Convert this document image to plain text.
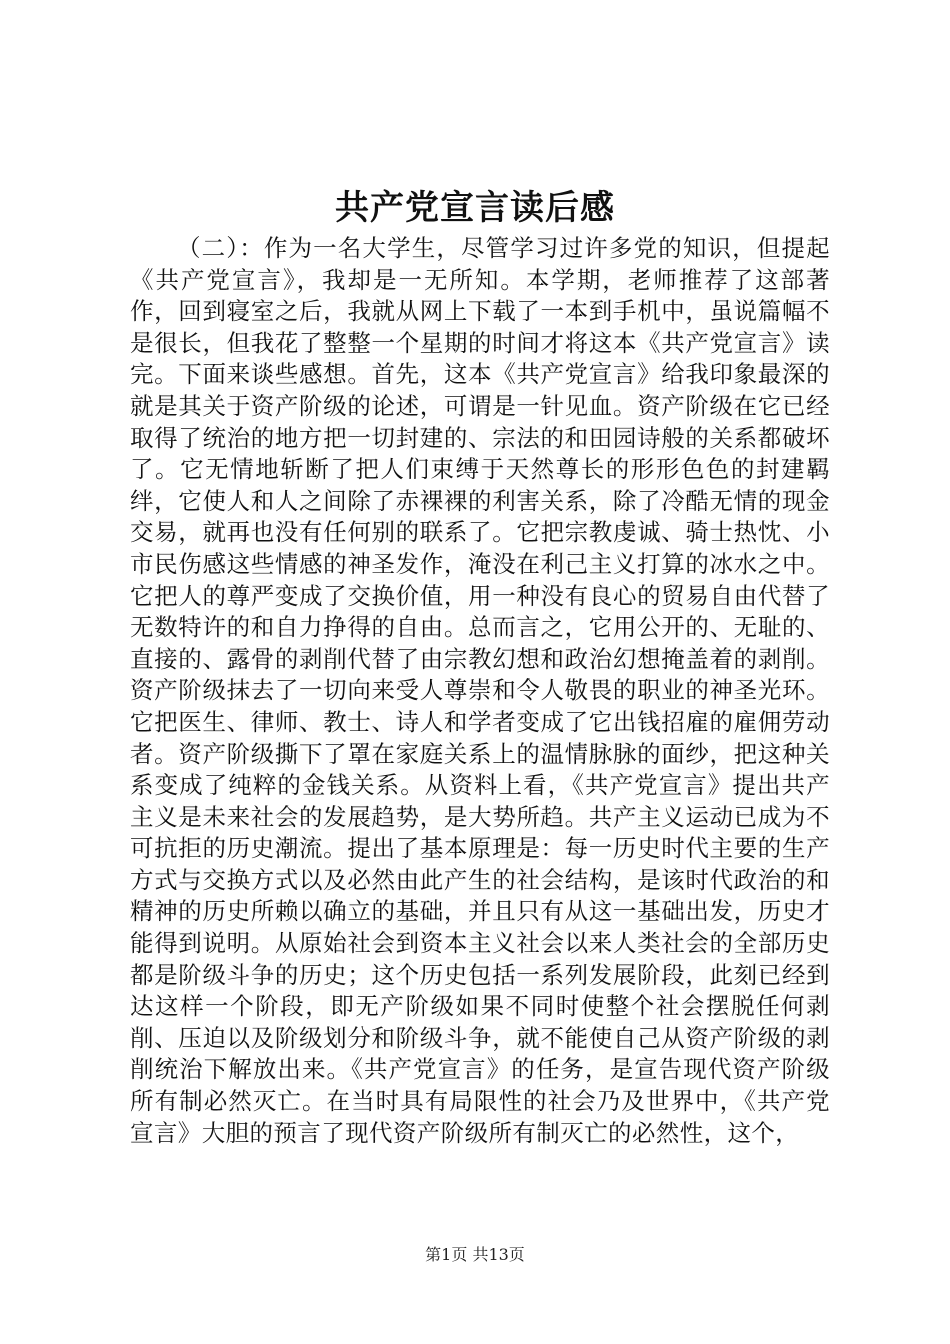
共产党宣言读后感

（二）：作为一名大学生，尽管学习过许多党的知识，但提起《共产党宣言》，我却是一无所知。本学期，老师推荐了这部著作，回到寝室之后，我就从网上下载了一本到手机中，虽说篇幅不是很长，但我花了整整一个星期的时间才将这本《共产党宣言》读完。下面来谈些感想。首先，这本《共产党宣言》给我印象最深的就是其关于资产阶级的论述，可谓是一针见血。资产阶级在它已经取得了统治的地方把一切封建的、宗法的和田园诗般的关系都破坏了。它无情地斩断了把人们束缚于天然尊长的形形色色的封建羁绊，它使人和人之间除了赤裸裸的利害关系，除了冷酷无情的现金交易，就再也没有任何别的联系了。它把宗教虔诚、骑士热忱、小市民伤感这些情感的神圣发作，淹没在利己主义打算的冰水之中。它把人的尊严变成了交换价值，用一种没有良心的贸易自由代替了无数特许的和自力挣得的自由。总而言之，它用公开的、无耻的、直接的、露骨的剥削代替了由宗教幻想和政治幻想掩盖着的剥削。资产阶级抹去了一切向来受人尊崇和令人敬畏的职业的神圣光环。它把医生、律师、教士、诗人和学者变成了它出钱招雇的雇佣劳动者。资产阶级撕下了罩在家庭关系上的温情脉脉的面纱，把这种关系变成了纯粹的金钱关系。从资料上看，《共产党宣言》提出共产主义是未来社会的发展趋势，是大势所趋。共产主义运动已成为不可抗拒的历史潮流。提出了基本原理是：每一历史时代主要的生产方式与交换方式以及必然由此产生的社会结构，是该时代政治的和精神的历史所赖以确立的基础，并且只有从这一基础出发，历史才能得到说明。从原始社会到资本主义社会以来人类社会的全部历史都是阶级斗争的历史；这个历史包括一系列发展阶段，此刻已经到达这样一个阶段，即无产阶级如果不同时使整个社会摆脱任何剥削、压迫以及阶级划分和阶级斗争，就不能使自己从资产阶级的剥削统治下解放出来。《共产党宣言》的任务，是宣告现代资产阶级所有制必然灭亡。在当时具有局限性的社会乃及世界中，《共产党宣言》大胆的预言了现代资产阶级所有制灭亡的必然性，这个，

第1页 共13页
